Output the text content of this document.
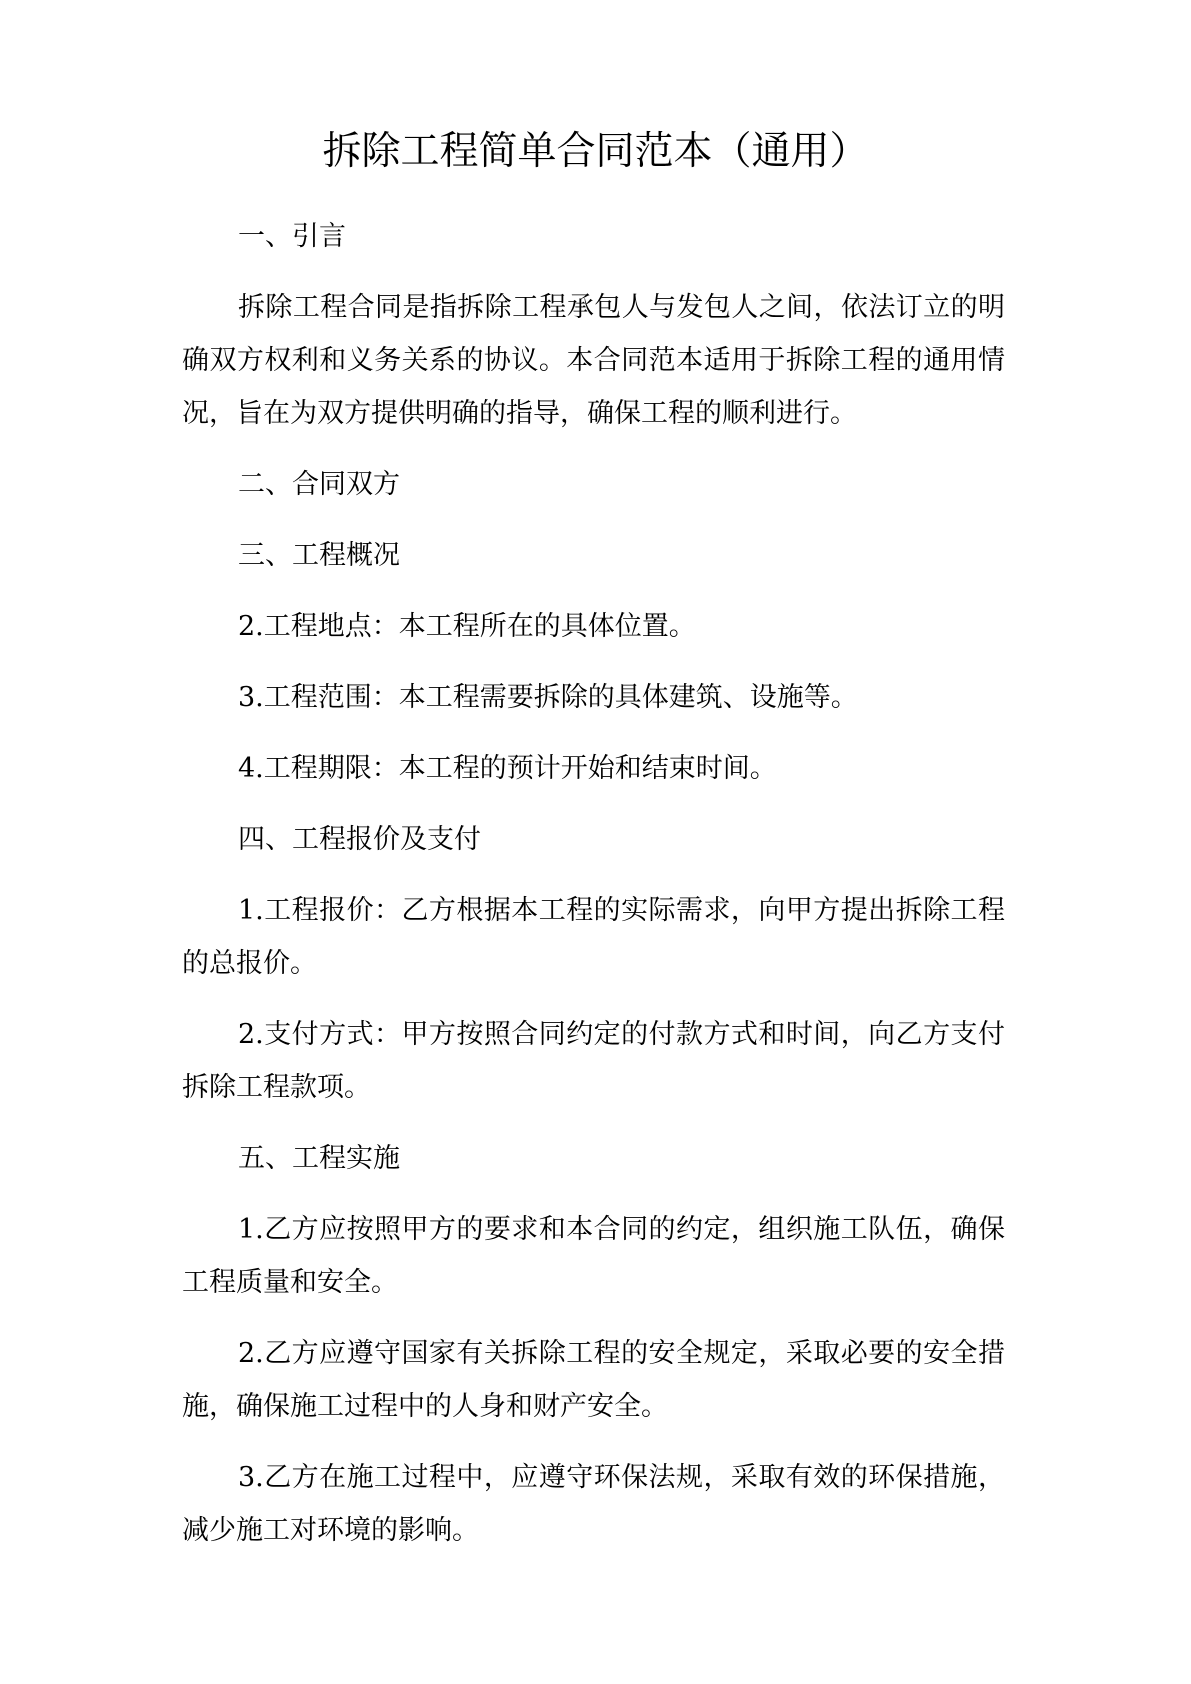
拆除工程简单合同范本（通用）

一、引言

拆除工程合同是指拆除工程承包人与发包人之间，依法订立的明确双方权利和义务关系的协议。本合同范本适用于拆除工程的通用情况，旨在为双方提供明确的指导，确保工程的顺利进行。

二、合同双方

三、工程概况

2.工程地点：本工程所在的具体位置。

3.工程范围：本工程需要拆除的具体建筑、设施等。

4.工程期限：本工程的预计开始和结束时间。

四、工程报价及支付

1.工程报价：乙方根据本工程的实际需求，向甲方提出拆除工程的总报价。

2.支付方式：甲方按照合同约定的付款方式和时间，向乙方支付拆除工程款项。

五、工程实施

1.乙方应按照甲方的要求和本合同的约定，组织施工队伍，确保工程质量和安全。

2.乙方应遵守国家有关拆除工程的安全规定，采取必要的安全措施，确保施工过程中的人身和财产安全。

3.乙方在施工过程中，应遵守环保法规，采取有效的环保措施，减少施工对环境的影响。
